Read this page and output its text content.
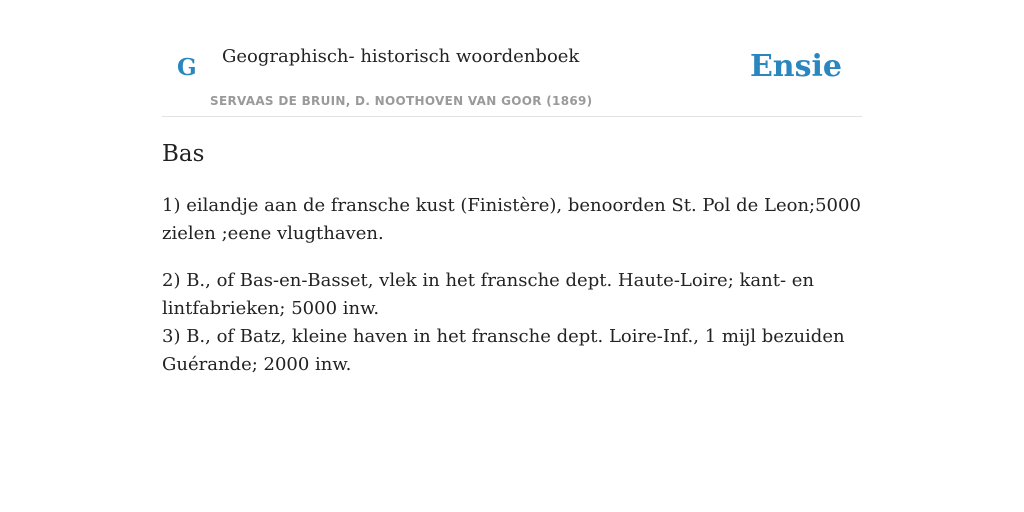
G Geographisch- historisch woordenboek
SERVAAS DE BRUIN, D. NOOTHOVEN VAN GOOR (1869)
Ensie
Bas

1) eilandje aan de fransche kust (Finistère), benoorden St. Pol de Leon;5000 zielen ;eene vlugthaven.

2) B., of Bas-en-Basset, vlek in het fransche dept. Haute-Loire; kant- en lintfabrieken; 5000 inw.
3) B., of Batz, kleine haven in het fransche dept. Loire-Inf., 1 mijl bezuiden Guérande; 2000 inw.
